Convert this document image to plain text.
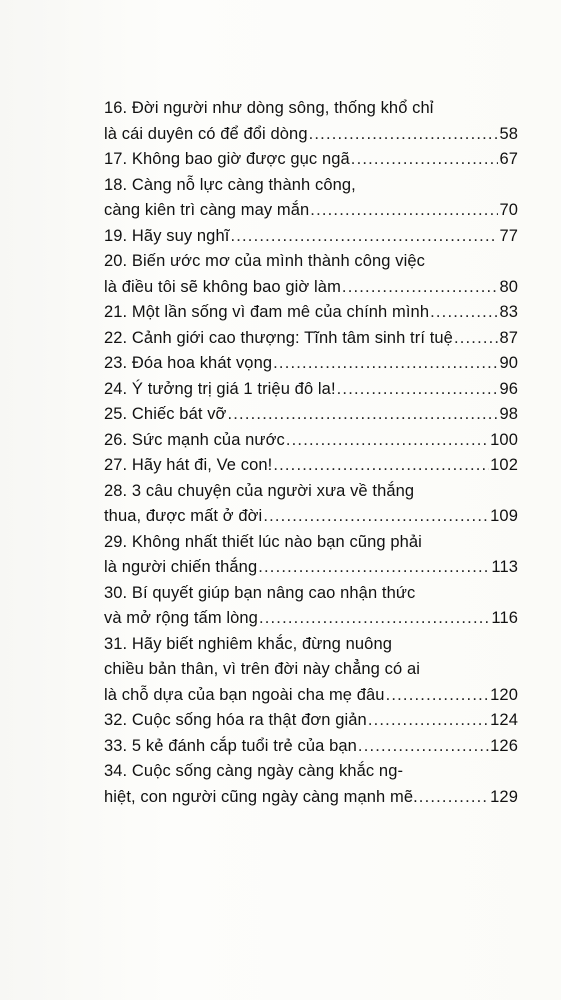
16. Đời người như dòng sông, thống khổ chỉ
là cái duyên có để đổi dòng .....	58
17. Không bao giờ được gục ngã .....	67
18. Càng nỗ lực càng thành công,
càng kiên trì càng may mắn .....	70
19. Hãy suy nghĩ .....	77
20. Biến ước mơ của mình thành công việc
là điều tôi sẽ không bao giờ làm .....	80
21. Một lần sống vì đam mê của chính mình .....	83
22. Cảnh giới cao thượng: Tĩnh tâm sinh trí tuệ .....	87
23. Đóa hoa khát vọng .....	90
24. Ý tưởng trị giá 1 triệu đô la! .....	96
25. Chiếc bát vỡ .....	98
26. Sức mạnh của nước .....	100
27. Hãy hát đi, Ve con! .....	102
28. 3 câu chuyện của người xưa về thắng
thua, được mất ở đời .....	109
29. Không nhất thiết lúc nào bạn cũng phải
là người chiến thắng .....	113
30. Bí quyết giúp bạn nâng cao nhận thức
và mở rộng tấm lòng .....	116
31. Hãy biết nghiêm khắc, đừng nuông
chiều bản thân, vì trên đời này chẳng có ai
là chỗ dựa của bạn ngoài cha mẹ đâu .....	120
32. Cuộc sống hóa ra thật đơn giản .....	124
33. 5 kẻ đánh cắp tuổi trẻ của bạn .....	126
34. Cuộc sống càng ngày càng khắc ng-
hiệt, con người cũng ngày càng mạnh mẽ. .....	129
